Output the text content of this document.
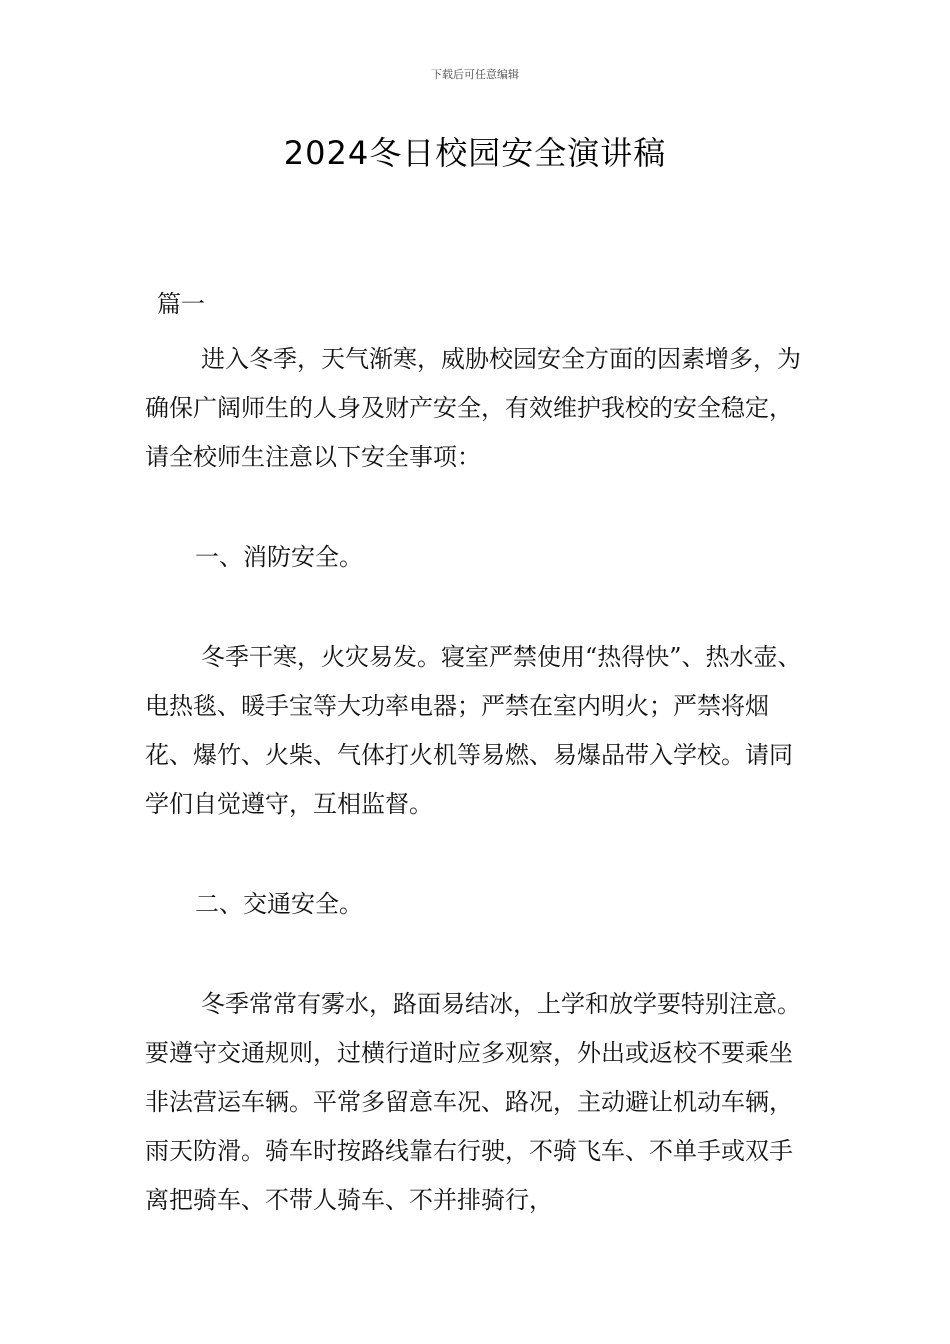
下载后可任意编辑
2024冬日校园安全演讲稿

篇一

进入冬季，天气渐寒，威胁校园安全方面的因素增多，为确保广阔师生的人身及财产安全，有效维护我校的安全稳定，请全校师生注意以下安全事项：

一、消防安全。

冬季干寒，火灾易发。寝室严禁使用“热得快”、热水壶、电热毯、暖手宝等大功率电器；严禁在室内明火；严禁将烟花、爆竹、火柴、气体打火机等易燃、易爆品带入学校。请同学们自觉遵守，互相监督。

二、交通安全。

冬季常常有雾水，路面易结冰，上学和放学要特别注意。要遵守交通规则，过横行道时应多观察，外出或返校不要乘坐非法营运车辆。平常多留意车况、路况，主动避让机动车辆，雨天防滑。骑车时按路线靠右行驶，不骑飞车、不单手或双手离把骑车、不带人骑车、不并排骑行，
